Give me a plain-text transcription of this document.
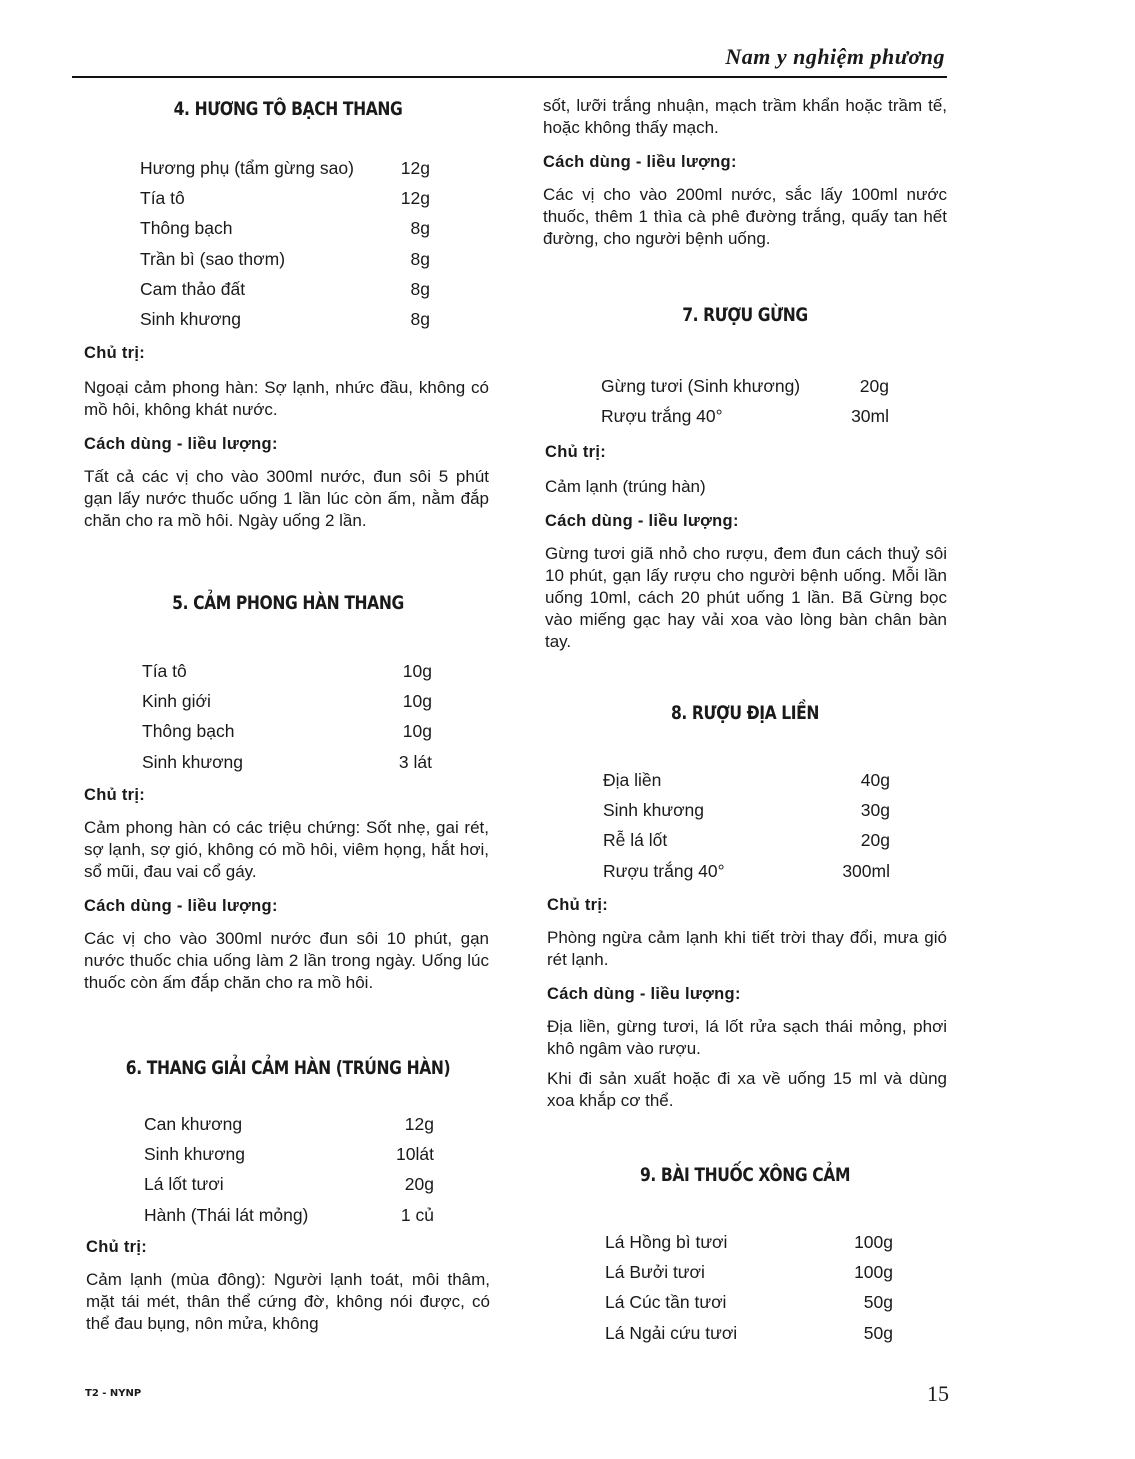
Nam y nghiệm phương
4. HƯƠNG TÔ BẠCH THANG
Hương phụ (tẩm gừng sao)	12g
Tía tô	12g
Thông bạch	8g
Trần bì (sao thơm)	8g
Cam thảo đất	8g
Sinh khương	8g

Chủ trị:

Ngoại cảm phong hàn: Sợ lạnh, nhức đầu, không có mồ hôi, không khát nước.

Cách dùng - liều lượng:

Tất cả các vị cho vào 300ml nước, đun sôi 5 phút gạn lấy nước thuốc uống 1 lần lúc còn ấm, nằm đắp chăn cho ra mồ hôi. Ngày uống 2 lần.

5. CẢM PHONG HÀN THANG
Tía tô	10g
Kinh giới	10g
Thông bạch	10g
Sinh khương	3 lát

Chủ trị:

Cảm phong hàn có các triệu chứng: Sốt nhẹ, gai rét, sợ lạnh, sợ gió, không có mồ hôi, viêm họng, hắt hơi, sổ mũi, đau vai cổ gáy.

Cách dùng - liều lượng:

Các vị cho vào 300ml nước đun sôi 10 phút, gạn nước thuốc chia uống làm 2 lần trong ngày. Uống lúc thuốc còn ấm đắp chăn cho ra mồ hôi.

6. THANG GIẢI CẢM HÀN (TRÚNG HÀN)
Can khương	12g
Sinh khương	10lát
Lá lốt tươi	20g
Hành (Thái lát mỏng)	1 củ

Chủ trị:

Cảm lạnh (mùa đông): Người lạnh toát, môi thâm, mặt tái mét, thân thể cứng đờ, không nói được, có thể đau bụng, nôn mửa, không

sốt, lưỡi trắng nhuận, mạch trầm khẩn hoặc trầm tế, hoặc không thấy mạch.

Cách dùng - liều lượng:

Các vị cho vào 200ml nước, sắc lấy 100ml nước thuốc, thêm 1 thìa cà phê đường trắng, quấy tan hết đường, cho người bệnh uống.

7. RƯỢU GỪNG
Gừng tươi (Sinh khương)	20g
Rượu trắng 40°	30ml

Chủ trị:

Cảm lạnh (trúng hàn)

Cách dùng - liều lượng:

Gừng tươi giã nhỏ cho rượu, đem đun cách thuỷ sôi 10 phút, gạn lấy rượu cho người bệnh uống. Mỗi lần uống 10ml, cách 20 phút uống 1 lần. Bã Gừng bọc vào miếng gạc hay vải xoa vào lòng bàn chân bàn tay.

8. RƯỢU ĐỊA LIỀN
Địa liền	40g
Sinh khương	30g
Rễ lá lốt	20g
Rượu trắng 40°	300ml

Chủ trị:

Phòng ngừa cảm lạnh khi tiết trời thay đổi, mưa gió rét lạnh.

Cách dùng - liều lượng:

Địa liền, gừng tươi, lá lốt rửa sạch thái mỏng, phơi khô ngâm vào rượu.

Khi đi sản xuất hoặc đi xa về uống 15 ml và dùng xoa khắp cơ thể.

9. BÀI THUỐC XÔNG CẢM
Lá Hồng bì tươi	100g
Lá Bưởi tươi	100g
Lá Cúc tần tươi	50g
Lá Ngải cứu tươi	50g
T2 - NYNP	15
